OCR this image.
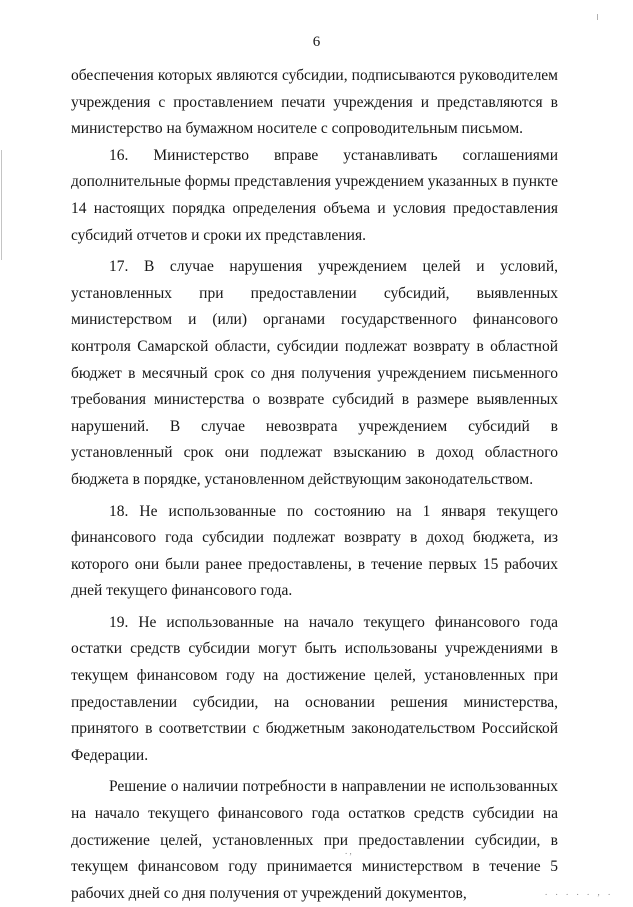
6

обеспечения которых являются субсидии, подписываются руководителем учреждения с проставлением печати учреждения и представляются в министерство на бумажном носителе с сопроводительным письмом.

16. Министерство вправе устанавливать соглашениями дополнительные формы представления учреждением указанных в пункте 14 настоящих порядка определения объема и условия предоставления субсидий отчетов и сроки их представления.

17. В случае нарушения учреждением целей и условий, установленных при предоставлении субсидий, выявленных министерством и (или) органами государственного финансового контроля Самарской области, субсидии подлежат возврату в областной бюджет в месячный срок со дня получения учреждением письменного требования министерства о возврате субсидий в размере выявленных нарушений. В случае невозврата учреждением субсидий в установленный срок они подлежат взысканию в доход областного бюджета в порядке, установленном действующим законодательством.

18. Не использованные по состоянию на 1 января текущего финансового года субсидии подлежат возврату в доход бюджета, из которого они были ранее предоставлены, в течение первых 15 рабочих дней текущего финансового года.

19. Не использованные на начало текущего финансового года остатки средств субсидии могут быть использованы учреждениями в текущем финансовом году на достижение целей, установленных при предоставлении субсидии, на основании решения министерства, принятого в соответствии с бюджетным законодательством Российской Федерации.

Решение о наличии потребности в направлении не использованных на начало текущего финансового года остатков средств субсидии на достижение целей, установленных при предоставлении субсидии, в текущем финансовом году принимается министерством в течение 5 рабочих дней со дня получения от учреждений документов,	. . . . . , .
. ,
